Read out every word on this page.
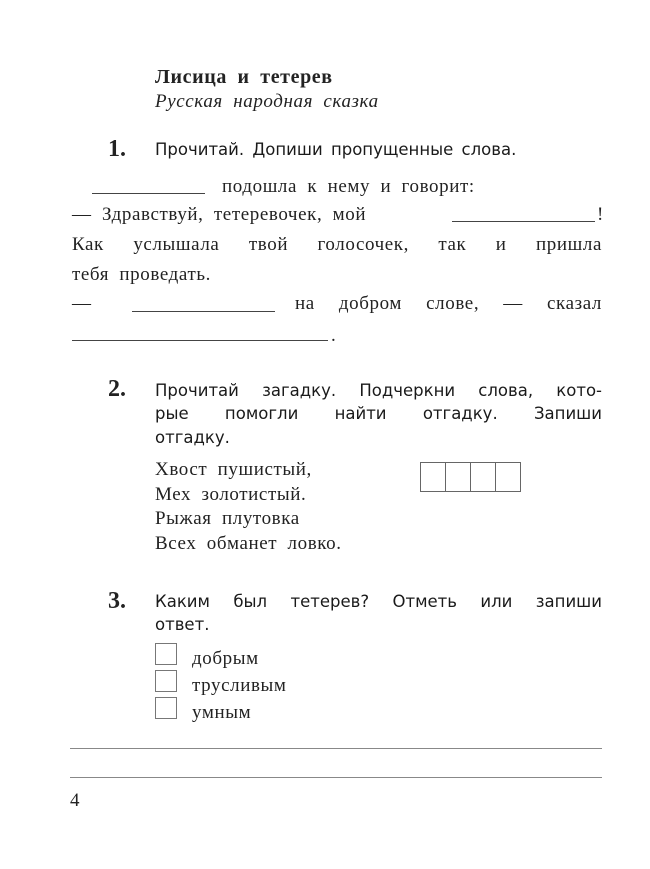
Лисица и тетерев
Русская народная сказка
1. Прочитай. Допиши пропущенные слова.
подошла к нему и говорит:
— Здравствуй, тетеревочек, мой	!
Как услышала твой голосочек, так и пришла
тебя проведать.
—	на добром слове, — сказал
.
2. Прочитай загадку. Подчеркни слова, кото-
рые помогли найти отгадку. Запиши
отгадку.
Хвост пушистый,
Мех золотистый.
Рыжая плутовка
Всех обманет ловко.
3. Каким был тетерев? Отметь или запиши
ответ.
добрым
трусливым
умным
4
